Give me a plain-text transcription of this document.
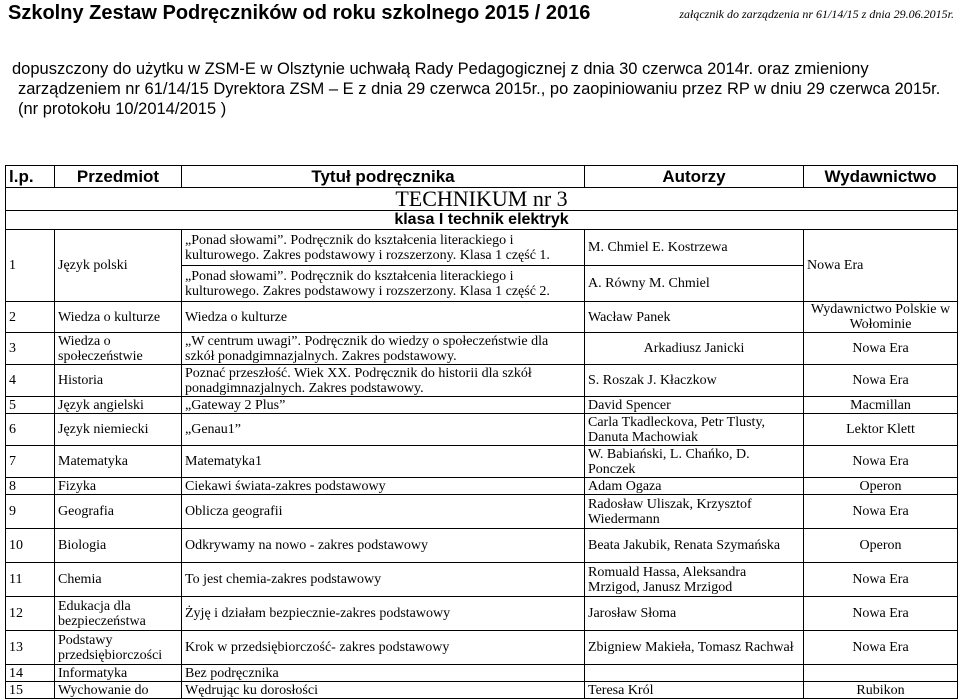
Szkolny Zestaw Podręczników od roku szkolnego 2015 / 2016	załącznik do zarządzenia nr 61/14/15 z dnia 29.06.2015r.
dopuszczony do użytku w ZSM-E w Olsztynie uchwałą Rady Pedagogicznej z dnia 30 czerwca 2014r. oraz zmieniony
zarządzeniem nr 61/14/15 Dyrektora ZSM – E z dnia 29 czerwca 2015r., po zaopiniowaniu przez RP w dniu 29 czerwca 2015r.
(nr protokołu 10/2014/2015 )
l.p.	Przedmiot	Tytuł podręcznika	Autorzy	Wydawnictwo
TECHNIKUM nr 3				
klasa I technik elektryk				
1	Język polski	„Ponad słowami”. Podręcznik do kształcenia literackiego i kulturowego. Zakres podstawowy i rozszerzony. Klasa 1 część 1.	M. Chmiel E. Kostrzewa	Nowa Era
		„Ponad słowami”. Podręcznik do kształcenia literackiego i kulturowego. Zakres podstawowy i rozszerzony. Klasa 1 część 2.	A. Równy M. Chmiel	
2	Wiedza o kulturze	Wiedza o kulturze	Wacław Panek	Wydawnictwo Polskie w Wołominie
3	Wiedza o społeczeństwie	„W centrum uwagi”. Podręcznik do wiedzy o społeczeństwie dla szkół ponadgimnazjalnych. Zakres podstawowy.	Arkadiusz Janicki	Nowa Era
4	Historia	Poznać przeszłość. Wiek XX. Podręcznik do historii dla szkół ponadgimnazjalnych. Zakres podstawowy.	S. Roszak J. Kłaczkow	Nowa Era
5	Język angielski	„Gateway 2 Plus”	David Spencer	Macmillan
6	Język niemiecki	„Genau1”	Carla Tkadleckova, Petr Tlusty, Danuta Machowiak	Lektor Klett
7	Matematyka	Matematyka1	W. Babiański, L. Chańko, D. Ponczek	Nowa Era
8	Fizyka	Ciekawi świata-zakres podstawowy	Adam Ogaza	Operon
9	Geografia	Oblicza geografii	Radosław Uliszak, Krzysztof Wiedermann	Nowa Era
10	Biologia	Odkrywamy na nowo - zakres podstawowy	Beata Jakubik, Renata Szymańska	Operon
11	Chemia	To jest chemia-zakres podstawowy	Romuald Hassa, Aleksandra Mrzigod, Janusz Mrzigod	Nowa Era
12	Edukacja dla bezpieczeństwa	Żyję i działam bezpiecznie-zakres podstawowy	Jarosław Słoma	Nowa Era
13	Podstawy przedsiębiorczości	Krok w przedsiębiorczość- zakres podstawowy	Zbigniew Makieła, Tomasz Rachwał	Nowa Era
14	Informatyka	Bez podręcznika		
15	Wychowanie do	Wędrując ku dorosłości	Teresa Król	Rubikon
